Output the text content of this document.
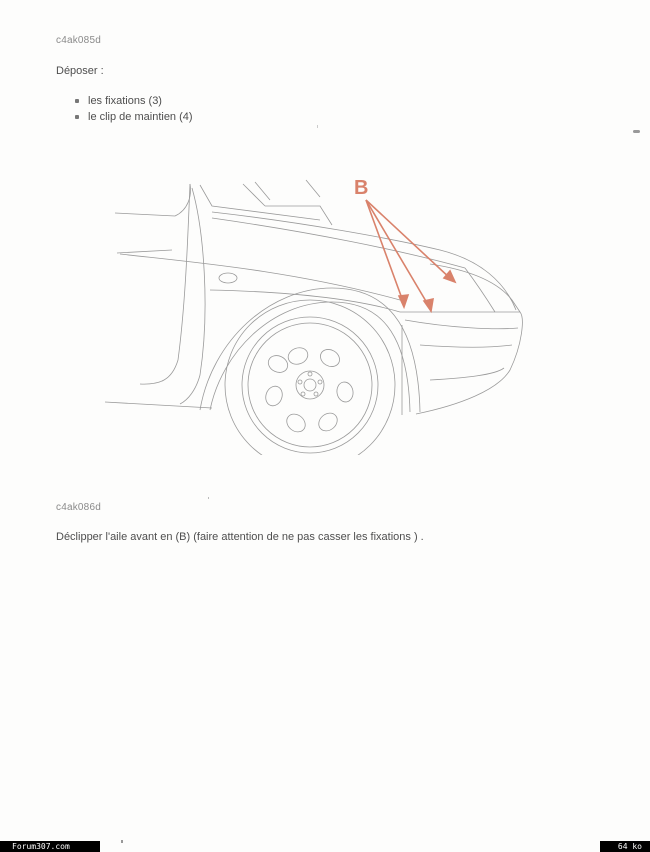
c4ak085d
Déposer :
les fixations (3)
le clip de maintien (4)
B
c4ak086d
Déclipper l'aile avant en (B) (faire attention de ne pas casser les fixations ) .
Forum307.com	64 ko
